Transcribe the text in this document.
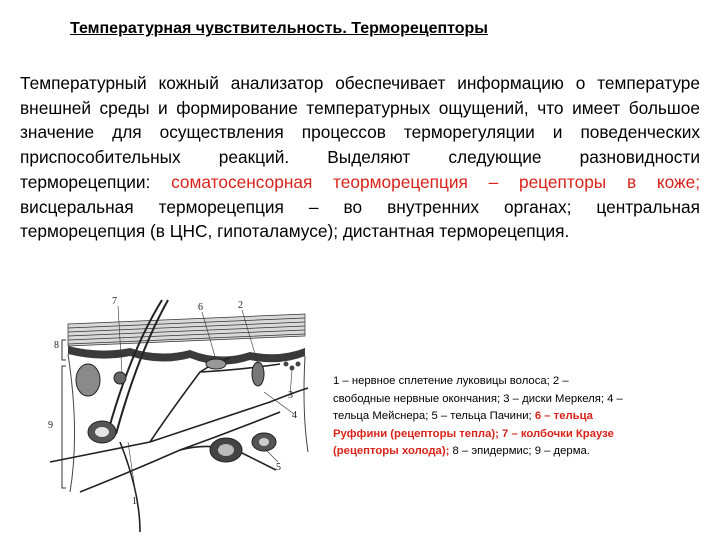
Температурная чувствительность. Терморецепторы
Температурный кожный анализатор обеспечивает информацию о температуре внешней среды и формирование температурных ощущений, что имеет большое значение для осуществления процессов терморегуляции и поведенческих приспособительных реакций. Выделяют следующие разновидности терморецепции: соматосенсорная теорморецепция – рецепторы в коже; висцеральная терморецепция – во внутренних органах; центральная терморецепция (в ЦНС, гипоталамусе); дистантная терморецепция.
7
6	2
8
3
4
9
5
1
1 – нервное сплетение луковицы волоса; 2 – свободные нервные окончания; 3 – диски Меркеля; 4 – тельца Мейснера; 5 – тельца Пачини; 6 – тельца Руффини (рецепторы тепла); 7 – колбочки Краузе (рецепторы холода); 8 – эпидермис; 9 – дерма.
